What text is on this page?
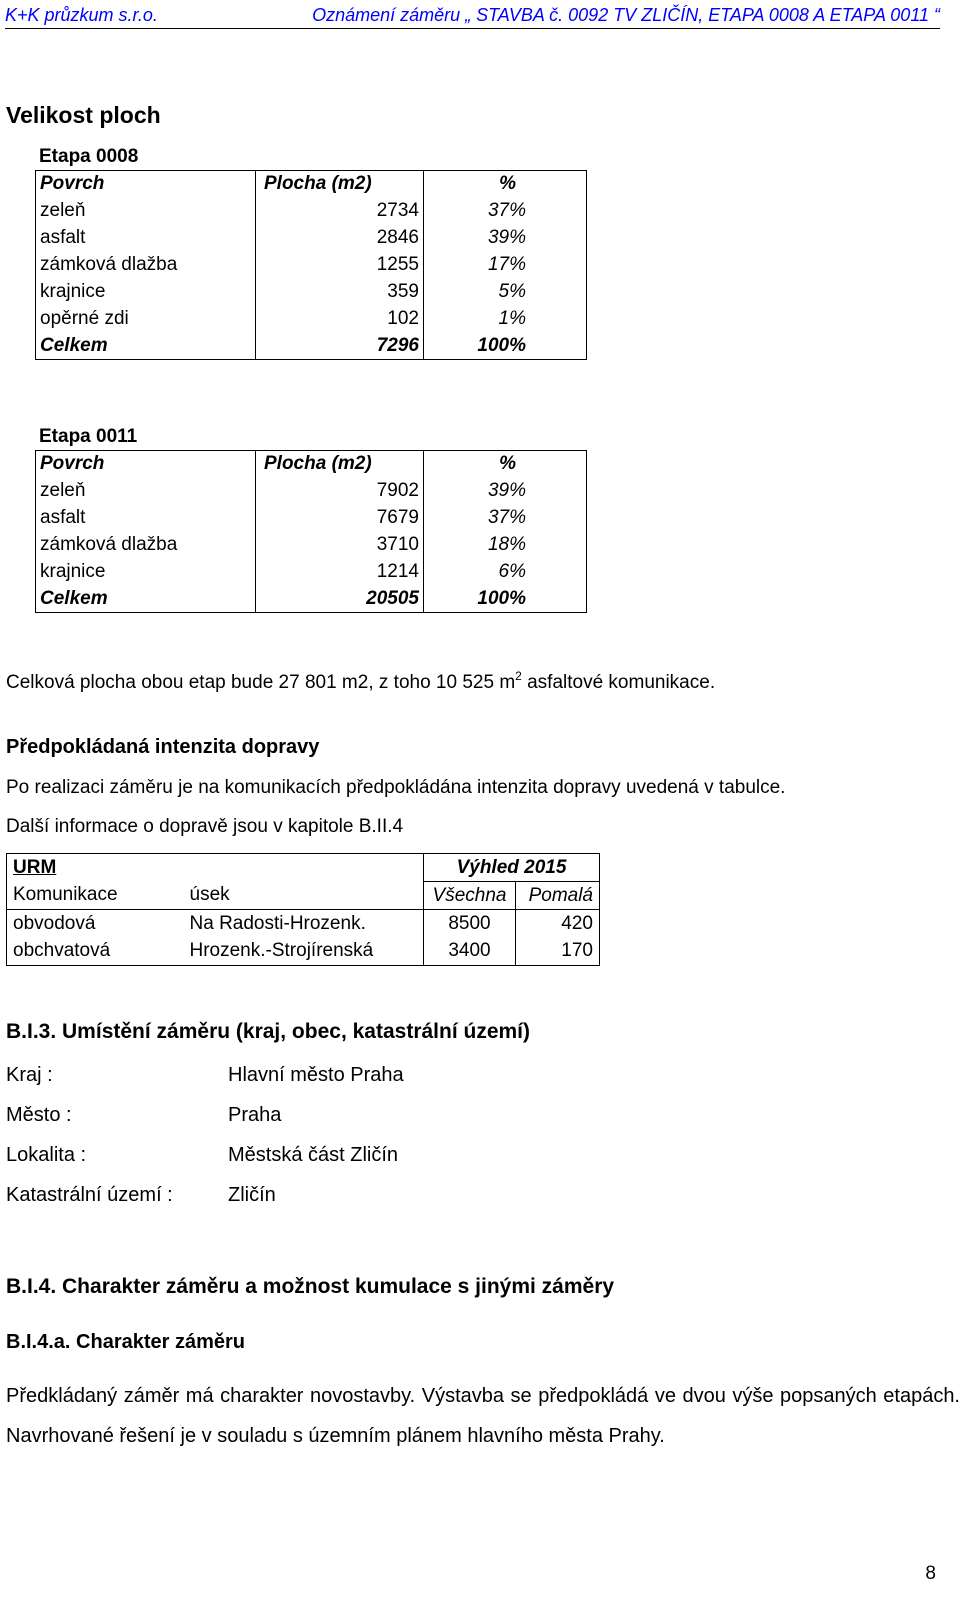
K+K průzkum s.r.o.	Oznámení záměru „ STAVBA č. 0092 TV ZLIČÍN, ETAPA 0008 A ETAPA 0011 “
Velikost ploch
Etapa 0008
Povrch	Plocha (m2)	%
zeleň	2734	37%
asfalt	2846	39%
zámková dlažba	1255	17%
krajnice	359	5%
opěrné zdi	102	1%
Celkem	7296	100%
Etapa 0011
Povrch	Plocha (m2)	%
zeleň	7902	39%
asfalt	7679	37%
zámková dlažba	3710	18%
krajnice	1214	6%
Celkem	20505	100%
Celková plocha obou etap bude 27 801 m2, z toho 10 525 $m^2$ asfaltové komunikace.
Předpokládaná intenzita dopravy
Po realizaci záměru je na komunikacích předpokládána intenzita dopravy uvedená v tabulce.
Další informace o dopravě jsou v kapitole B.II.4
URM		Výhled 2015	
Komunikace	úsek	Všechna	Pomalá
obvodová	Na Radosti-Hrozenk.	8500	420
obchvatová	Hrozenk.-Strojírenská	3400	170
B.I.3. Umístění záměru (kraj, obec, katastrální území)
Kraj :	Hlavní město Praha
Město :	Praha
Lokalita :	Městská část Zličín
Katastrální území :	Zličín
B.I.4. Charakter záměru a možnost kumulace s jinými záměry
B.I.4.a. Charakter záměru
Předkládaný záměr má charakter novostavby. Výstavba se předpokládá ve dvou výše popsaných etapách. Navrhované řešení je v souladu s územním plánem hlavního města Prahy.
8
